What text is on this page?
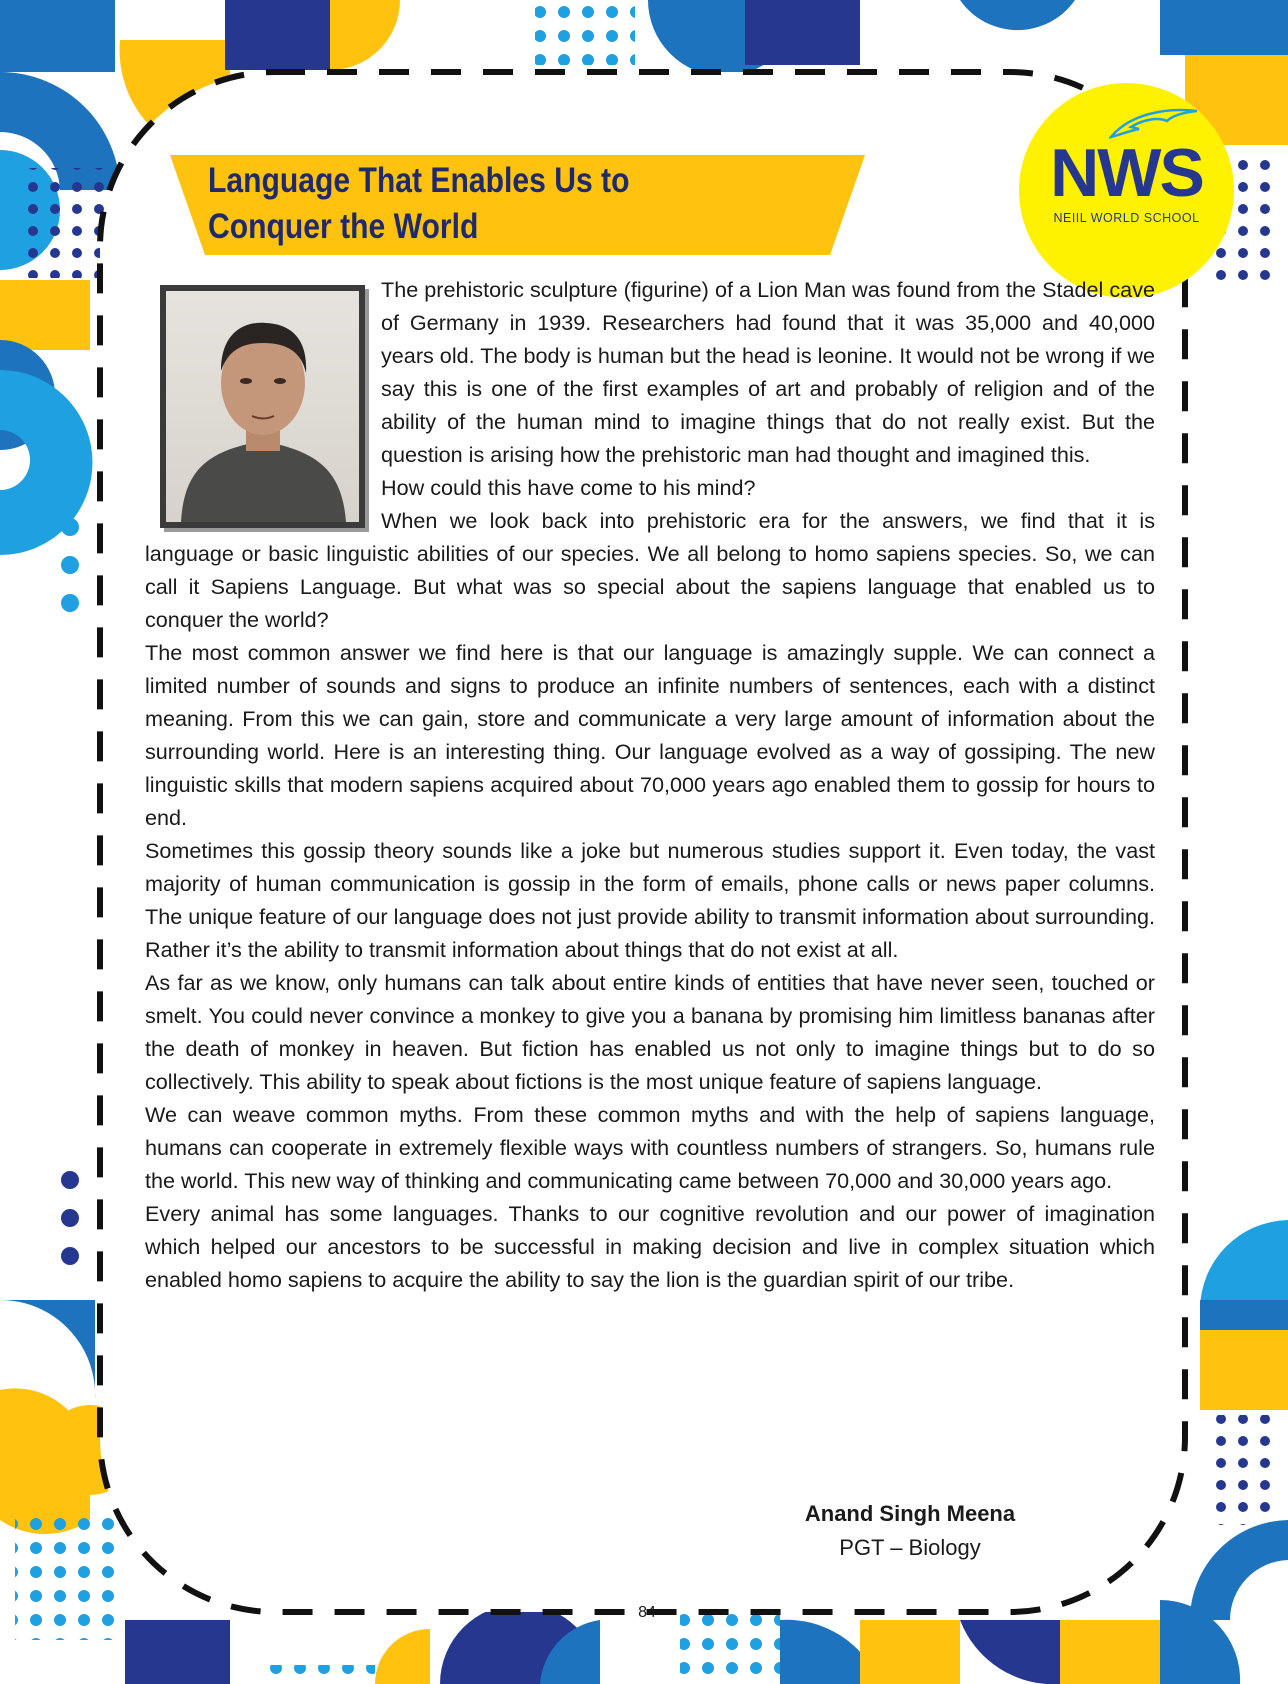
Language That Enables Us to
Conquer the World
NWS
NEIIL WORLD SCHOOL

The prehistoric sculpture (figurine) of a Lion Man was found from the Stadel cave of Germany in 1939. Researchers had found that it was 35,000 and 40,000 years old. The body is human but the head is leonine. It would not be wrong if we say this is one of the first examples of art and probably of religion and of the ability of the human mind to imagine things that do not really exist. But the question is arising how the prehistoric man had thought and imagined this.

How could this have come to his mind?

When we look back into prehistoric era for the answers, we find that it is language or basic linguistic abilities of our species. We all belong to homo sapiens species. So, we can call it Sapiens Language. But what was so special about the sapiens language that enabled us to conquer the world?

The most common answer we find here is that our language is amazingly supple. We can connect a limited number of sounds and signs to produce an infinite numbers of sentences, each with a distinct meaning. From this we can gain, store and communicate a very large amount of information about the surrounding world. Here is an interesting thing. Our language evolved as a way of gossiping. The new linguistic skills that modern sapiens acquired about 70,000 years ago enabled them to gossip for hours to end.

Sometimes this gossip theory sounds like a joke but numerous studies support it. Even today, the vast majority of human communication is gossip in the form of emails, phone calls or news paper columns. The unique feature of our language does not just provide ability to transmit information about surrounding. Rather it’s the ability to transmit information about things that do not exist at all.

As far as we know, only humans can talk about entire kinds of entities that have never seen, touched or smelt. You could never convince a monkey to give you a banana by promising him limitless bananas after the death of monkey in heaven. But fiction has enabled us not only to imagine things but to do so collectively. This ability to speak about fictions is the most unique feature of sapiens language.

We can weave common myths. From these common myths and with the help of sapiens language, humans can cooperate in extremely flexible ways with countless numbers of strangers. So, humans rule the world. This new way of thinking and communicating came between 70,000 and 30,000 years ago.

Every animal has some languages. Thanks to our cognitive revolution and our power of imagination which helped our ancestors to be successful in making decision and live in complex situation which enabled homo sapiens to acquire the ability to say the lion is the guardian spirit of our tribe.

Anand Singh Meena
PGT – Biology
84
